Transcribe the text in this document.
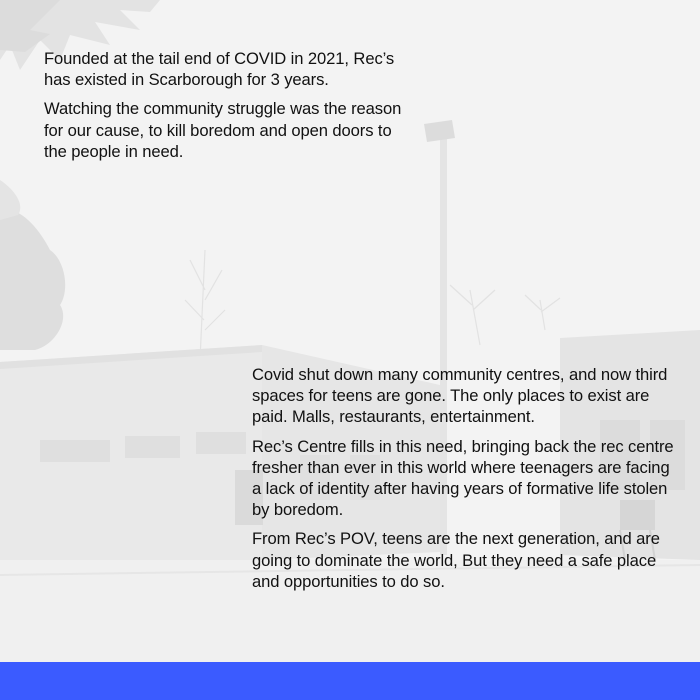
Founded at the tail end of COVID in 2021, Rec’s has existed in Scarborough for 3 years.

Watching the community struggle was the reason for our cause, to kill boredom and open doors to the people in need.

Covid shut down many community centres, and now third spaces for teens are gone. The only places to exist are paid. Malls, restaurants, entertainment.

Rec’s Centre fills in this need, bringing back the rec centre fresher than ever in this world where teenagers are facing a lack of identity after having years of formative life stolen by boredom.

From Rec’s POV, teens are the next generation, and are going to dominate the world, But they need a safe place and opportunities to do so.
